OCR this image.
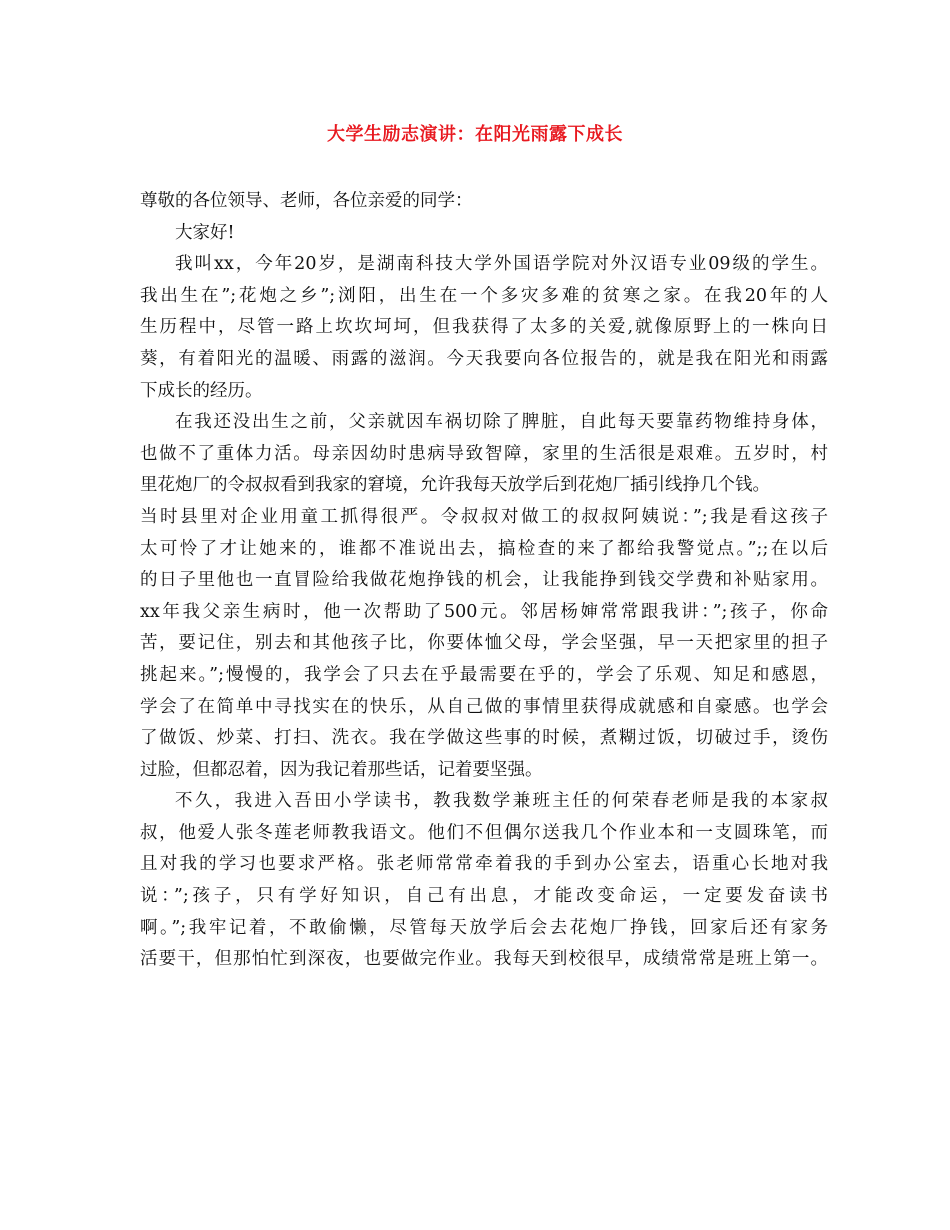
大学生励志演讲：在阳光雨露下成长
尊敬的各位领导、老师，各位亲爱的同学：
大家好!
我叫xx，今年20岁，是湖南科技大学外国语学院对外汉语专业09级的学生。
我出生在”;花炮之乡”;浏阳，出生在一个多灾多难的贫寒之家。在我20年的人
生历程中，尽管一路上坎坎坷坷，但我获得了太多的关爱,就像原野上的一株向日
葵，有着阳光的温暖、雨露的滋润。今天我要向各位报告的，就是我在阳光和雨露
下成长的经历。
在我还没出生之前，父亲就因车祸切除了脾脏，自此每天要靠药物维持身体，
也做不了重体力活。母亲因幼时患病导致智障，家里的生活很是艰难。五岁时，村
里花炮厂的令叔叔看到我家的窘境，允许我每天放学后到花炮厂插引线挣几个钱。
当时县里对企业用童工抓得很严。令叔叔对做工的叔叔阿姨说：”;我是看这孩子
太可怜了才让她来的，谁都不准说出去，搞检查的来了都给我警觉点。”;;在以后
的日子里他也一直冒险给我做花炮挣钱的机会，让我能挣到钱交学费和补贴家用。
xx年我父亲生病时，他一次帮助了500元。邻居杨婶常常跟我讲：”;孩子，你命
苦，要记住，别去和其他孩子比，你要体恤父母，学会坚强，早一天把家里的担子
挑起来。”;慢慢的，我学会了只去在乎最需要在乎的，学会了乐观、知足和感恩，
学会了在简单中寻找实在的快乐，从自己做的事情里获得成就感和自豪感。也学会
了做饭、炒菜、打扫、洗衣。我在学做这些事的时候，煮糊过饭，切破过手，烫伤
过脸，但都忍着，因为我记着那些话，记着要坚强。
不久，我进入吾田小学读书，教我数学兼班主任的何荣春老师是我的本家叔
叔，他爱人张冬莲老师教我语文。他们不但偶尔送我几个作业本和一支圆珠笔，而
且对我的学习也要求严格。张老师常常牵着我的手到办公室去，语重心长地对我
说：”;孩子，只有学好知识，自己有出息，才能改变命运，一定要发奋读书
啊。”;我牢记着，不敢偷懒，尽管每天放学后会去花炮厂挣钱，回家后还有家务
活要干，但那怕忙到深夜，也要做完作业。我每天到校很早，成绩常常是班上第一。
